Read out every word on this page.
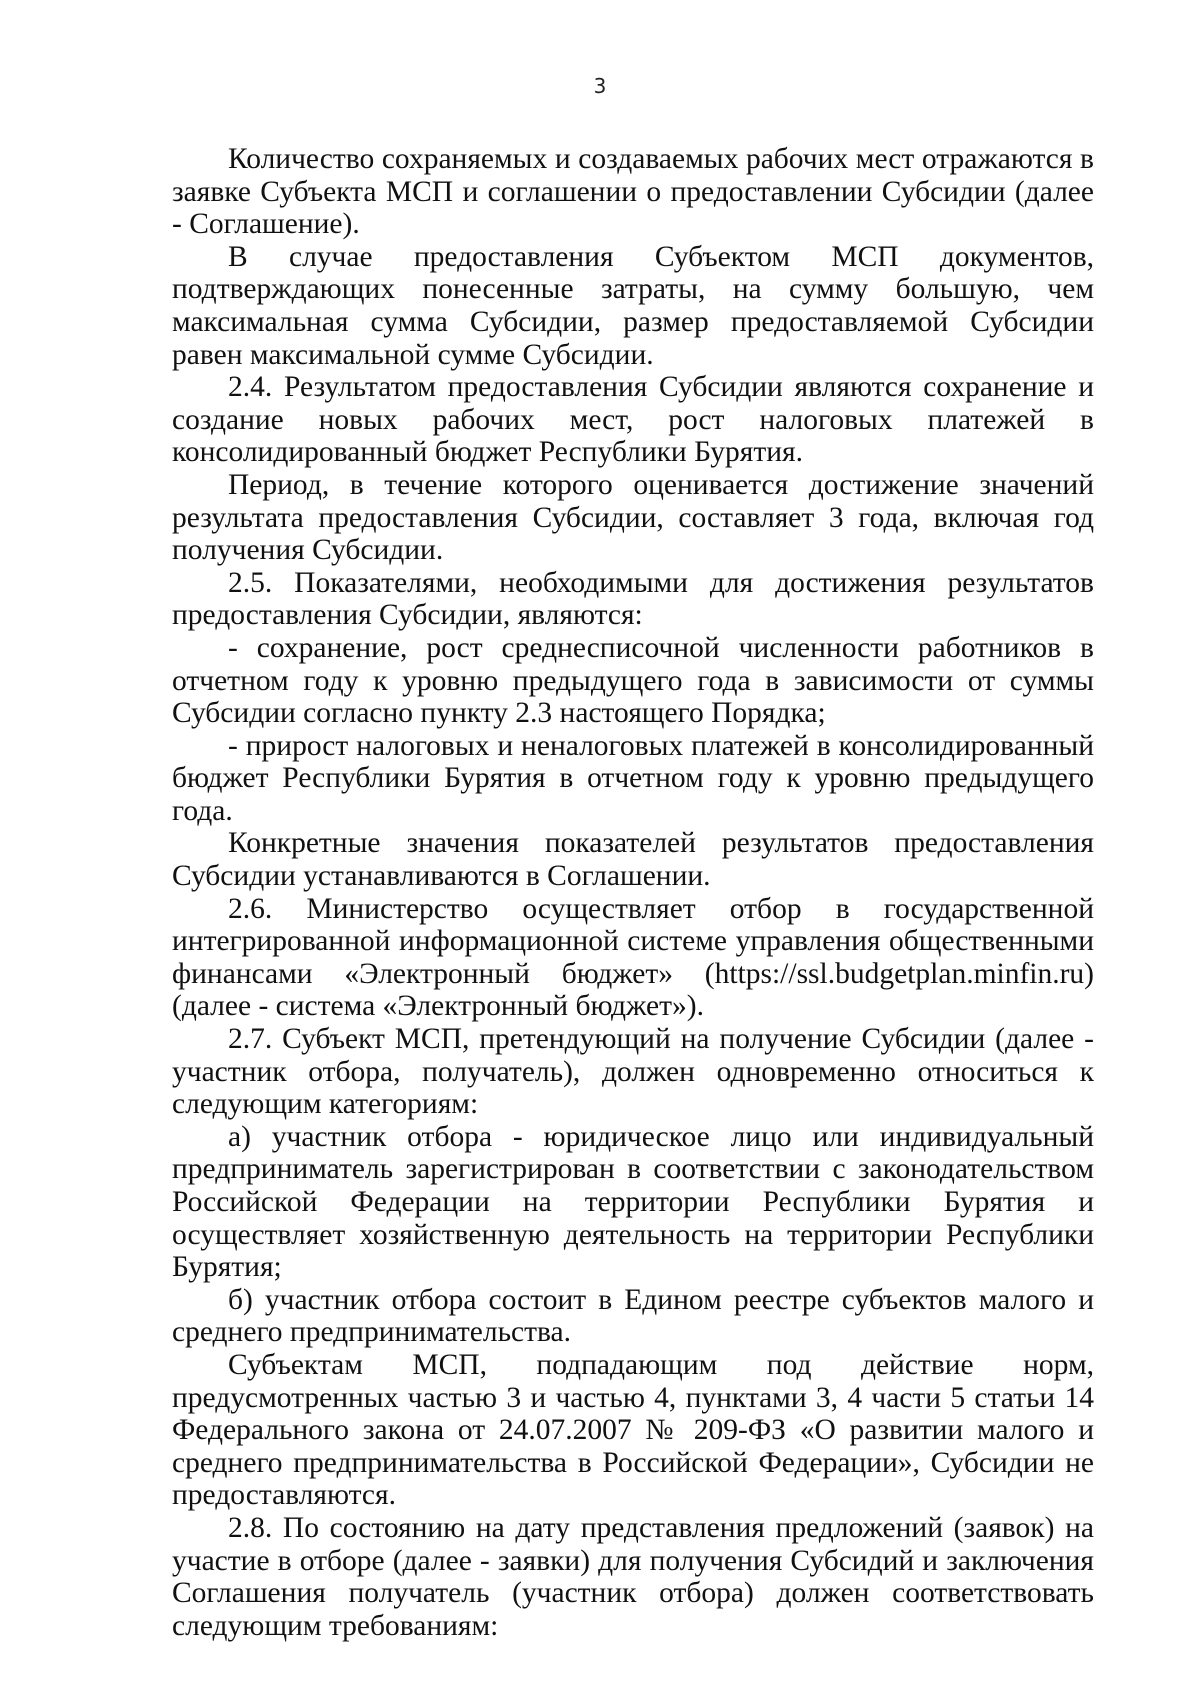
3

Количество сохраняемых и создаваемых рабочих мест отражаются в заявке Субъекта МСП и соглашении о предоставлении Субсидии (далее - Соглашение).

В случае предоставления Субъектом МСП документов, подтверждающих понесенные затраты, на сумму большую, чем максимальная сумма Субсидии, размер предоставляемой Субсидии равен максимальной сумме Субсидии.

2.4. Результатом предоставления Субсидии являются сохранение и создание новых рабочих мест, рост налоговых платежей в консолидированный бюджет Республики Бурятия.

Период, в течение которого оценивается достижение значений результата предоставления Субсидии, составляет 3 года, включая год получения Субсидии.

2.5. Показателями, необходимыми для достижения результатов предоставления Субсидии, являются:

- сохранение, рост среднесписочной численности работников в отчетном году к уровню предыдущего года в зависимости от суммы Субсидии согласно пункту 2.3 настоящего Порядка;

- прирост налоговых и неналоговых платежей в консолидированный бюджет Республики Бурятия в отчетном году к уровню предыдущего года.

Конкретные значения показателей результатов предоставления Субсидии устанавливаются в Соглашении.

2.6. Министерство осуществляет отбор в государственной интегрированной информационной системе управления общественными финансами «Электронный бюджет» (https://ssl.budgetplan.minfin.ru) (далее - система «Электронный бюджет»).

2.7. Субъект МСП, претендующий на получение Субсидии (далее - участник отбора, получатель), должен одновременно относиться к следующим категориям:

а) участник отбора - юридическое лицо или индивидуальный предприниматель зарегистрирован в соответствии с законодательством Российской Федерации на территории Республики Бурятия и осуществляет хозяйственную деятельность на территории Республики Бурятия;

б) участник отбора состоит в Едином реестре субъектов малого и среднего предпринимательства.

Субъектам МСП, подпадающим под действие норм, предусмотренных частью 3 и частью 4, пунктами 3, 4 части 5 статьи 14 Федерального закона от 24.07.2007 № 209-ФЗ «О развитии малого и среднего предпринимательства в Российской Федерации», Субсидии не предоставляются.

2.8. По состоянию на дату представления предложений (заявок) на участие в отборе (далее - заявки) для получения Субсидий и заключения Соглашения получатель (участник отбора) должен соответствовать следующим требованиям:
